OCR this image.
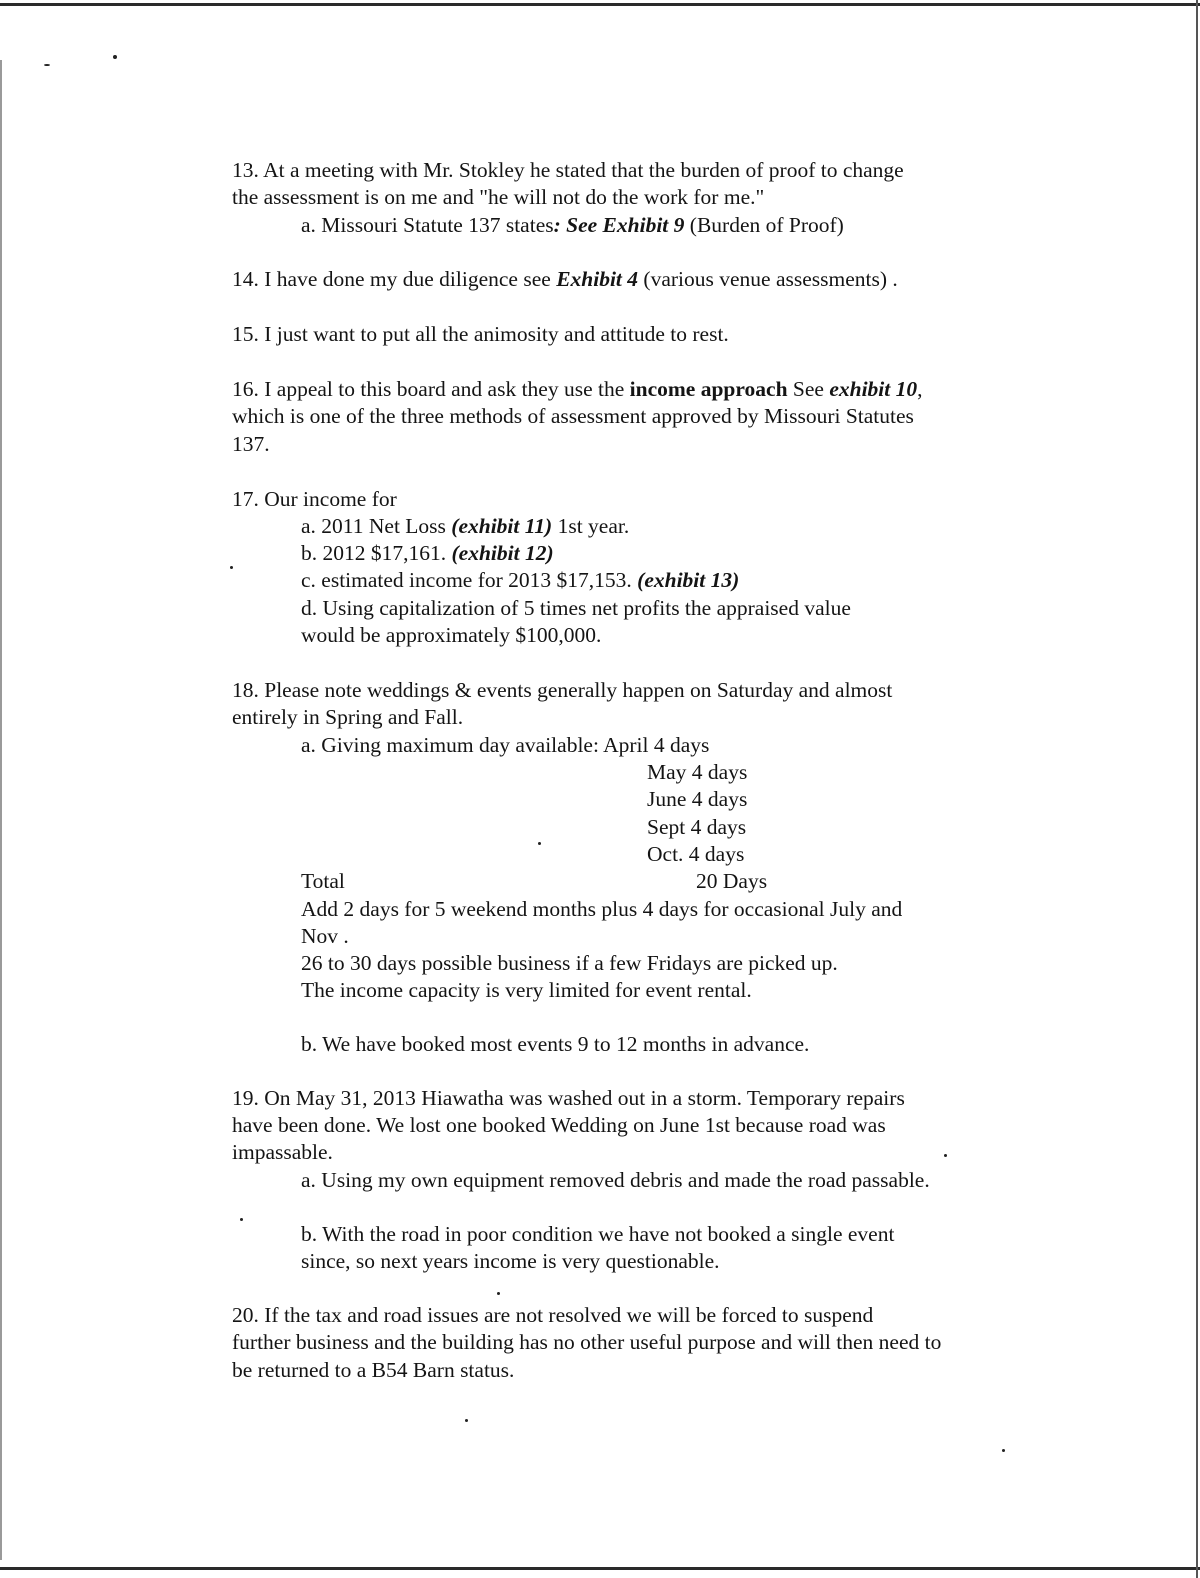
13. At a meeting with Mr. Stokley he stated that the burden of proof to change
the assessment is on me and "he will not do the work for me."
a. Missouri Statute 137 states: See Exhibit 9 (Burden of Proof)
14. I have done my due diligence see Exhibit 4 (various venue assessments) .
15. I just want to put all the animosity and attitude to rest.
16. I appeal to this board and ask they use the income approach See exhibit 10,
which is one of the three methods of assessment approved by Missouri Statutes
137.
17. Our income for
a. 2011 Net Loss (exhibit 11) 1st year.
b. 2012 $17,161. (exhibit 12)
c. estimated income for 2013 $17,153. (exhibit 13)
d. Using capitalization of 5 times net profits the appraised value
would be approximately $100,000.
18. Please note weddings & events generally happen on Saturday and almost
entirely in Spring and Fall.
a. Giving maximum day available: April 4 days
May 4 days
June 4 days
Sept 4 days
Oct. 4 days
Total	20 Days
Add 2 days for 5 weekend months plus 4 days for occasional July and
Nov .
26 to 30 days possible business if a few Fridays are picked up.
The income capacity is very limited for event rental.
b. We have booked most events 9 to 12 months in advance.
19. On May 31, 2013 Hiawatha was washed out in a storm. Temporary repairs
have been done. We lost one booked Wedding on June 1st because road was
impassable.
a. Using my own equipment removed debris and made the road passable.
b. With the road in poor condition we have not booked a single event
since, so next years income is very questionable.
20. If the tax and road issues are not resolved we will be forced to suspend
further business and the building has no other useful purpose and will then need to
be returned to a B54 Barn status.
